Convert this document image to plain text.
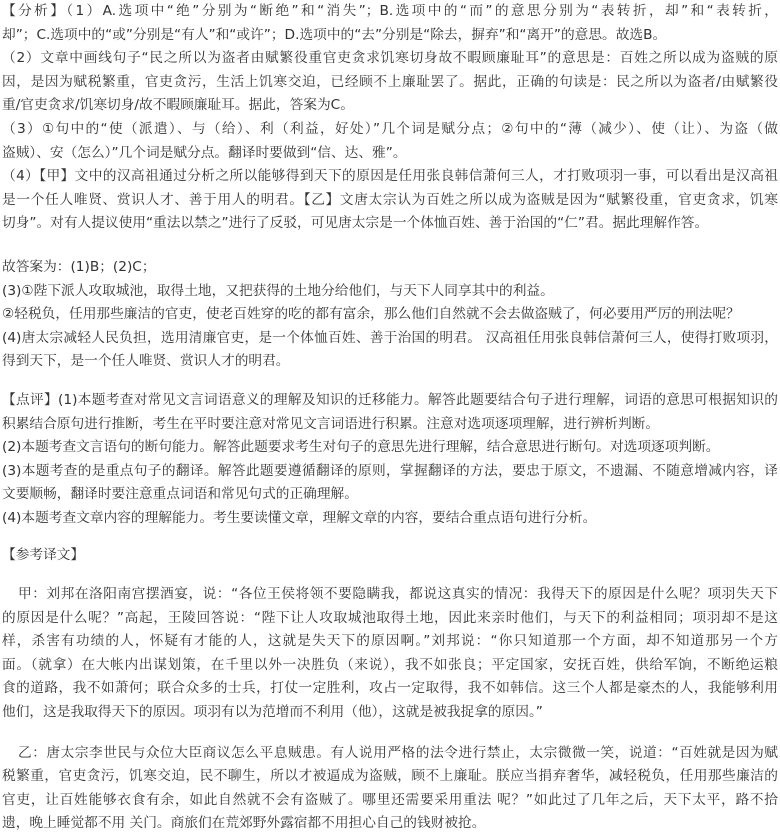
【分析】（1）A.选项中“绝”分别为“断绝”和“消失”；B.选项中的“而”的意思分别为“表转折，却”和“表转折，
却”；C.选项中的“或”分别是“有人”和“或许”；D.选项中的“去”分别是“除去，摒弃”和“离开”的意思。故选B。
（2）文章中画线句子“民之所以为盗者由赋繁役重官吏贪求饥寒切身故不暇顾廉耻耳”的意思是：百姓之所以成为盗贼的原
因，是因为赋税繁重，官吏贪污，生活上饥寒交迫，已经顾不上廉耻罢了。据此，正确的句读是：民之所以为盗者/由赋繁役
重/官吏贪求/饥寒切身/故不暇顾廉耻耳。据此，答案为C。
（3）①句中的“使（派遣）、与（给）、利（利益，好处）”几个词是赋分点；②句中的“薄（减少）、使（让）、为盗（做
盗贼）、安（怎么）”几个词是赋分点。翻译时要做到“信、达、雅”。
（4）【甲】文中的汉高祖通过分析之所以能够得到天下的原因是任用张良韩信萧何三人，才打败项羽一事，可以看出是汉高祖
是一个任人唯贤、赏识人才、善于用人的明君。【乙】文唐太宗认为百姓之所以成为盗贼是因为“赋繁役重，官吏贪求，饥寒
切身”。对有人提议使用“重法以禁之”进行了反驳，可见唐太宗是一个体恤百姓、善于治国的“仁”君。据此理解作答。
故答案为：(1)B；(2)C；
(3)①陛下派人攻取城池，取得土地，又把获得的土地分给他们，与天下人同享其中的利益。
②轻税负，任用那些廉洁的官吏，使老百姓穿的吃的都有富余，那么他们自然就不会去做盗贼了，何必要用严厉的刑法呢？
(4)唐太宗减轻人民负担，选用清廉官吏，是一个体恤百姓、善于治国的明君。 汉高祖任用张良韩信萧何三人，使得打败项羽，
得到天下，是一个任人唯贤、赏识人才的明君。
【点评】(1)本题考查对常见文言词语意义的理解及知识的迁移能力。解答此题要结合句子进行理解，词语的意思可根据知识的
积累结合原句进行推断，考生在平时要注意对常见文言词语进行积累。注意对选项逐项理解，进行辨析判断。
(2)本题考查文言语句的断句能力。解答此题要求考生对句子的意思先进行理解，结合意思进行断句。对选项逐项判断。
(3)本题考查的是重点句子的翻译。解答此题要遵循翻译的原则，掌握翻译的方法，要忠于原文，不遗漏、不随意增减内容，译
文要顺畅，翻译时要注意重点词语和常见句式的正确理解。
(4)本题考查文章内容的理解能力。考生要读懂文章，理解文章的内容，要结合重点语句进行分析。
【参考译文】
甲：刘邦在洛阳南宫摆酒宴，说：“各位王侯将领不要隐瞒我，都说这真实的情况：我得天下的原因是什么呢？项羽失天下
的原因是什么呢？”高起，王陵回答说：“陛下让人攻取城池取得土地，因此来亲时他们，与天下的利益相同；项羽却不是这
样，杀害有功绩的人，怀疑有才能的人，这就是失天下的原因啊。”刘邦说：“你只知道那一个方面，却不知道那另一个方
面。（就拿）在大帐内出谋划策，在千里以外一决胜负（来说），我不如张良；平定国家，安抚百姓，供给军饷，不断绝运粮
食的道路，我不如萧何；联合众多的士兵，打仗一定胜利，攻占一定取得，我不如韩信。这三个人都是豪杰的人，我能够利用
他们，这是我取得天下的原因。项羽有以为范增而不利用（他），这就是被我捉拿的原因。”
乙：唐太宗李世民与众位大臣商议怎么平息贼患。有人说用严格的法令进行禁止，太宗微微一笑，说道：“百姓就是因为赋
税繁重，官吏贪污，饥寒交迫，民不聊生，所以才被逼成为盗贼，顾不上廉耻。朕应当捐弃奢华，减轻税负，任用那些廉洁的
官吏，让百姓能够衣食有余，如此自然就不会有盗贼了。哪里还需要采用重法 呢？”如此过了几年之后，天下太平，路不拾
遗，晚上睡觉都不用 关门。商旅们在荒郊野外露宿都不用担心自己的钱财被抢。
